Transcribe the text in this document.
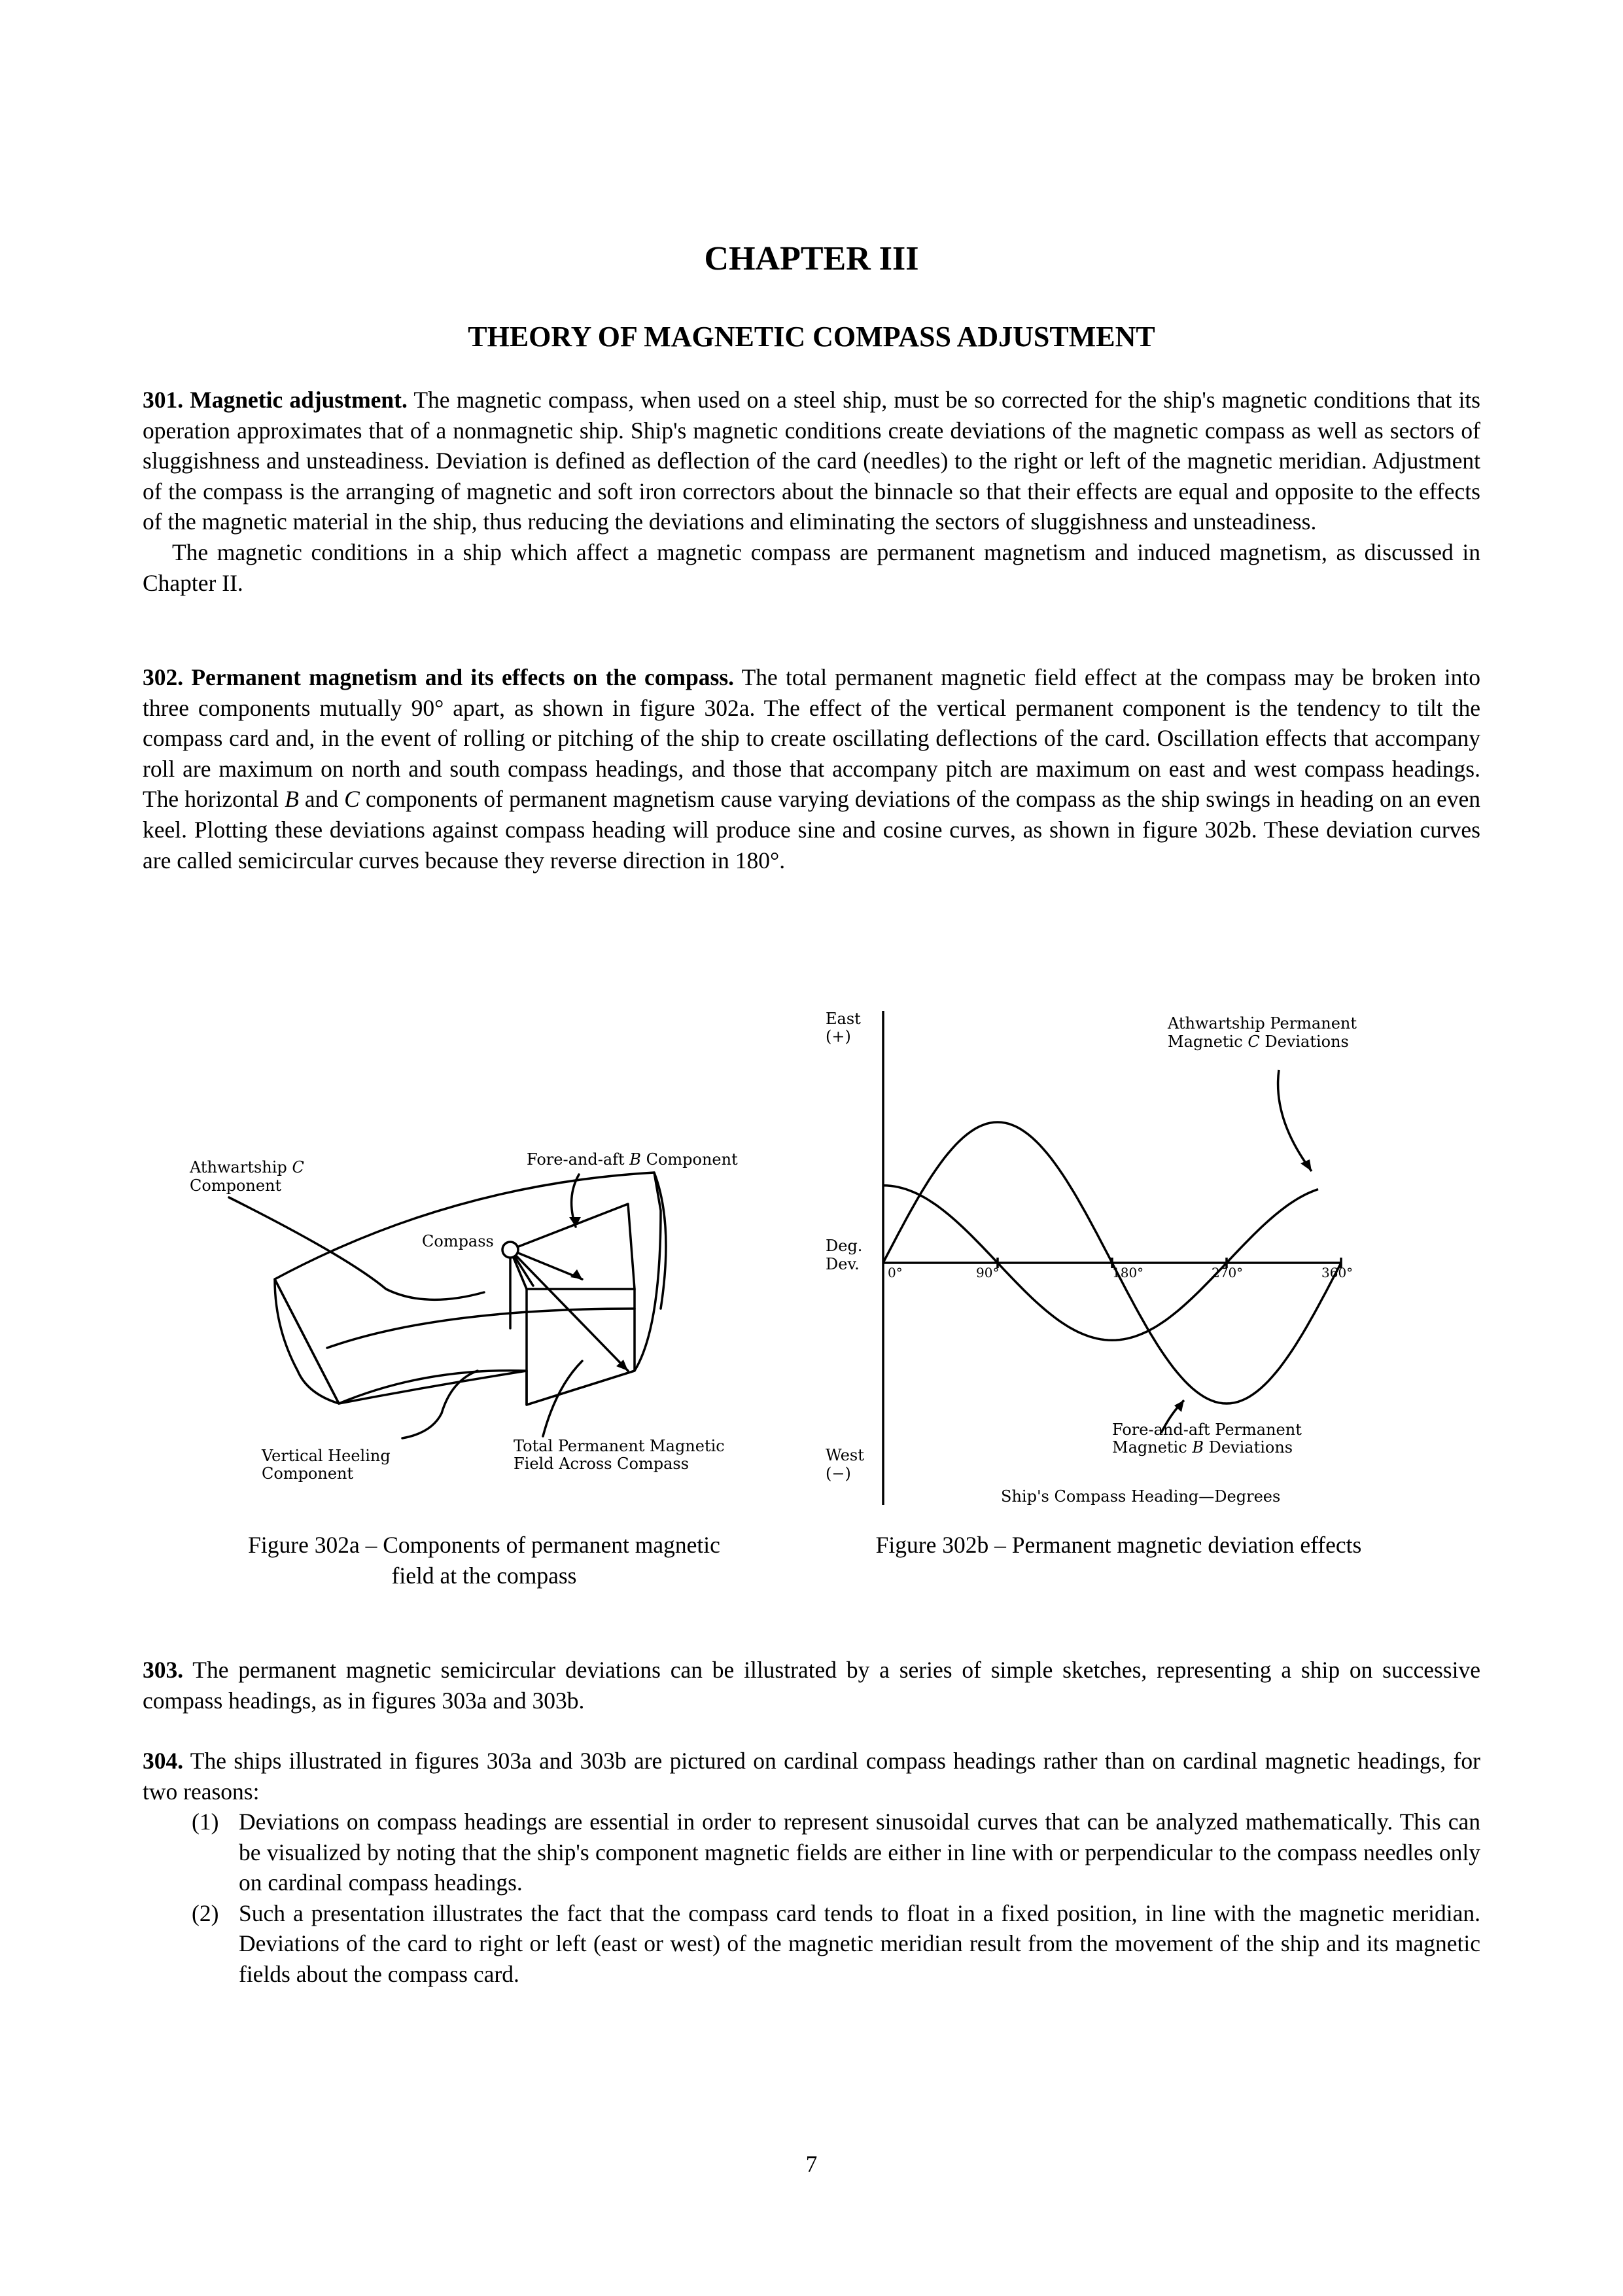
CHAPTER III
THEORY OF MAGNETIC COMPASS ADJUSTMENT

301. Magnetic adjustment. The magnetic compass, when used on a steel ship, must be so corrected for the ship's magnetic conditions that its operation approximates that of a nonmagnetic ship. Ship's magnetic conditions create deviations of the magnetic compass as well as sectors of sluggishness and unsteadiness. Deviation is defined as deflection of the card (needles) to the right or left of the magnetic meridian. Adjustment of the compass is the arranging of magnetic and soft iron correctors about the binnacle so that their effects are equal and opposite to the effects of the magnetic material in the ship, thus reducing the deviations and eliminating the sectors of sluggishness and unsteadiness.

The magnetic conditions in a ship which affect a magnetic compass are permanent magnetism and induced magnetism, as discussed in Chapter II.

302. Permanent magnetism and its effects on the compass. The total permanent magnetic field effect at the compass may be broken into three components mutually 90° apart, as shown in figure 302a. The effect of the vertical permanent component is the tendency to tilt the compass card and, in the event of rolling or pitching of the ship to create oscillating deflections of the card. Oscillation effects that accompany roll are maximum on north and south compass headings, and those that accompany pitch are maximum on east and west compass headings. The horizontal B and C components of permanent magnetism cause varying deviations of the compass as the ship swings in heading on an even keel. Plotting these deviations against compass heading will produce sine and cosine curves, as shown in figure 302b. These deviation curves are called semicircular curves because they reverse direction in 180°.

Athwartship C
Component
Fore-and-aft B Component
Compass
Vertical Heeling
Component
Total Permanent Magnetic
Field Across Compass
East
(+)
Deg.
Dev.
West
(−)
0°	90°	180°	270°	360°
Ship's Compass Heading—Degrees
Athwartship Permanent
Magnetic C Deviations
Fore-and-aft Permanent
Magnetic B Deviations
Figure 302a – Components of permanent magnetic
field at the compass
Figure 302b – Permanent magnetic deviation effects

303. The permanent magnetic semicircular deviations can be illustrated by a series of simple sketches, representing a ship on successive compass headings, as in figures 303a and 303b.

304. The ships illustrated in figures 303a and 303b are pictured on cardinal compass headings rather than on cardinal magnetic headings, for two reasons:

(1) Deviations on compass headings are essential in order to represent sinusoidal curves that can be analyzed mathematically. This can be visualized by noting that the ship's component magnetic fields are either in line with or perpendicular to the compass needles only on cardinal compass headings.
(2) Such a presentation illustrates the fact that the compass card tends to float in a fixed position, in line with the magnetic meridian. Deviations of the card to right or left (east or west) of the magnetic meridian result from the movement of the ship and its magnetic fields about the compass card.
7
